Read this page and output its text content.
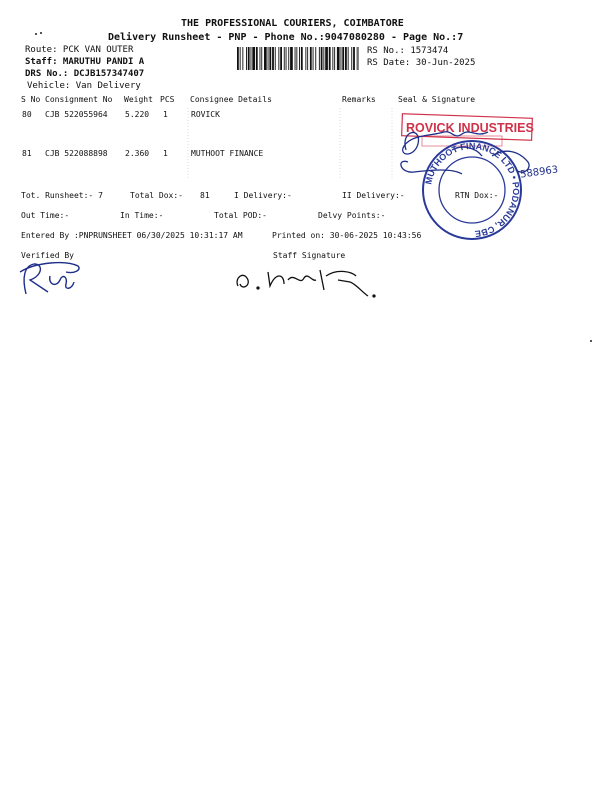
THE PROFESSIONAL COURIERS, COIMBATORE
Delivery Runsheet - PNP - Phone No.:9047080280 - Page No.:7
Route: PCK VAN OUTER
Staff: MARUTHU PANDI A
DRS No.: DCJB157347407
Vehicle: Van Delivery
RS No.: 1573474
RS Date: 30-Jun-2025
S No Consignment No Weight PCS Consignee Details	Remarks	Seal & Signature
80 CJB 522055964 5.220 1	ROVICK
81 CJB 522088898 2.360 1	MUTHOOT FINANCE
Tot. Runsheet:- 7	Total Dox:- 81	I Delivery:-	II Delivery:-	RTN Dox:-
Out Time:-	In Time:-	Total POD:-	Delvy Points:-
Entered By :PNPRUNSHEET 06/30/2025 10:31:17 AM	Printed on: 30-06-2025 10:43:56
Verified By	Staff Signature
ROVICK INDUSTRIES
MUTHOOT FINANCE LTD • PODANUR, CBE
588963
